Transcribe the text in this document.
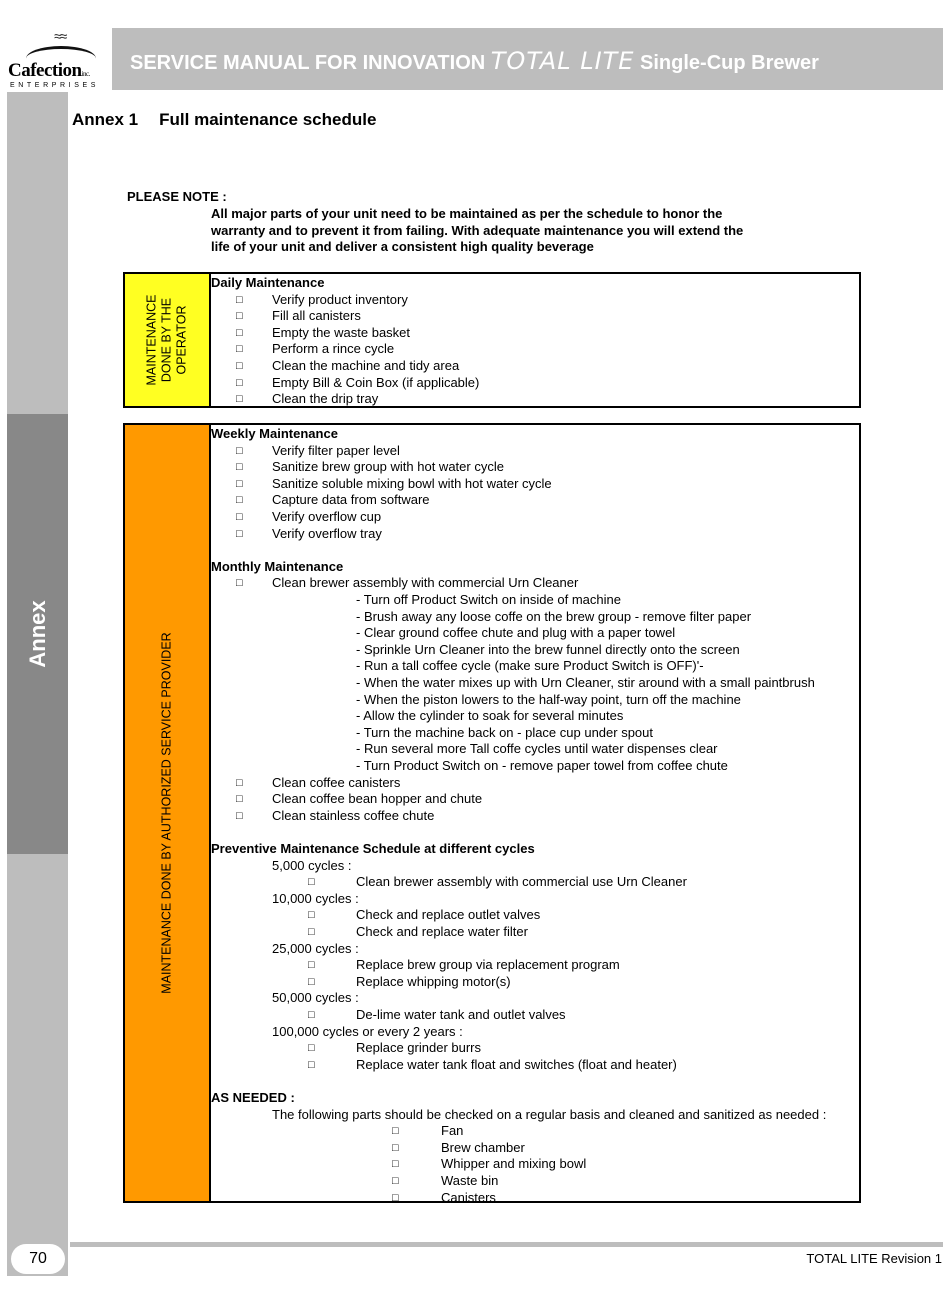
Annex
70
≈≈
Cafectioninc.
ENTERPRISES
SERVICE MANUAL FOR INNOVATION TOTAL LITE Single-Cup Brewer
Annex 1 Full maintenance schedule
PLEASE NOTE :
All major parts of your unit need to be maintained as per the schedule to honor the
warranty and to prevent it from failing. With adequate maintenance you will extend the
life of your unit and deliver a consistent high quality beverage
MAINTENANCE DONE BY THE OPERATOR
Daily Maintenance
□ Verify product inventory
□ Fill all canisters
□ Empty the waste basket
□ Perform a rince cycle
□ Clean the machine and tidy area
□ Empty Bill & Coin Box (if applicable)
□ Clean the drip tray
MAINTENANCE DONE BY AUTHORIZED SERVICE PROVIDER
Weekly Maintenance
□ Verify filter paper level
□ Sanitize brew group with hot water cycle
□ Sanitize soluble mixing bowl with hot water cycle
□ Capture data from software
□ Verify overflow cup
□ Verify overflow tray
Monthly Maintenance
□ Clean brewer assembly with commercial Urn Cleaner
- Turn off Product Switch on inside of machine
- Brush away any loose coffe on the brew group - remove filter paper
- Clear ground coffee chute and plug with a paper towel
- Sprinkle Urn Cleaner into the brew funnel directly onto the screen
- Run a tall coffee cycle (make sure Product Switch is OFF)'-
- When the water mixes up with Urn Cleaner, stir around with a small paintbrush
- When the piston lowers to the half-way point, turn off the machine
- Allow the cylinder to soak for several minutes
- Turn the machine back on - place cup under spout
- Run several more Tall coffe cycles until water dispenses clear
- Turn Product Switch on - remove paper towel from coffee chute
□ Clean coffee canisters
□ Clean coffee bean hopper and chute
□ Clean stainless coffee chute
Preventive Maintenance Schedule at different cycles
5,000 cycles :
□	Clean brewer assembly with commercial use Urn Cleaner
10,000 cycles :
□	Check and replace outlet valves
□	Check and replace water filter
25,000 cycles :
□	Replace brew group via replacement program
□	Replace whipping motor(s)
50,000 cycles :
□	De-lime water tank and outlet valves
100,000 cycles or every 2 years :
□	Replace grinder burrs
□	Replace water tank float and switches (float and heater)
AS NEEDED :
The following parts should be checked on a regular basis and cleaned and sanitized as needed :
□	Fan
□	Brew chamber
□	Whipper and mixing bowl
□	Waste bin
□	Canisters
TOTAL LITE Revision 1
